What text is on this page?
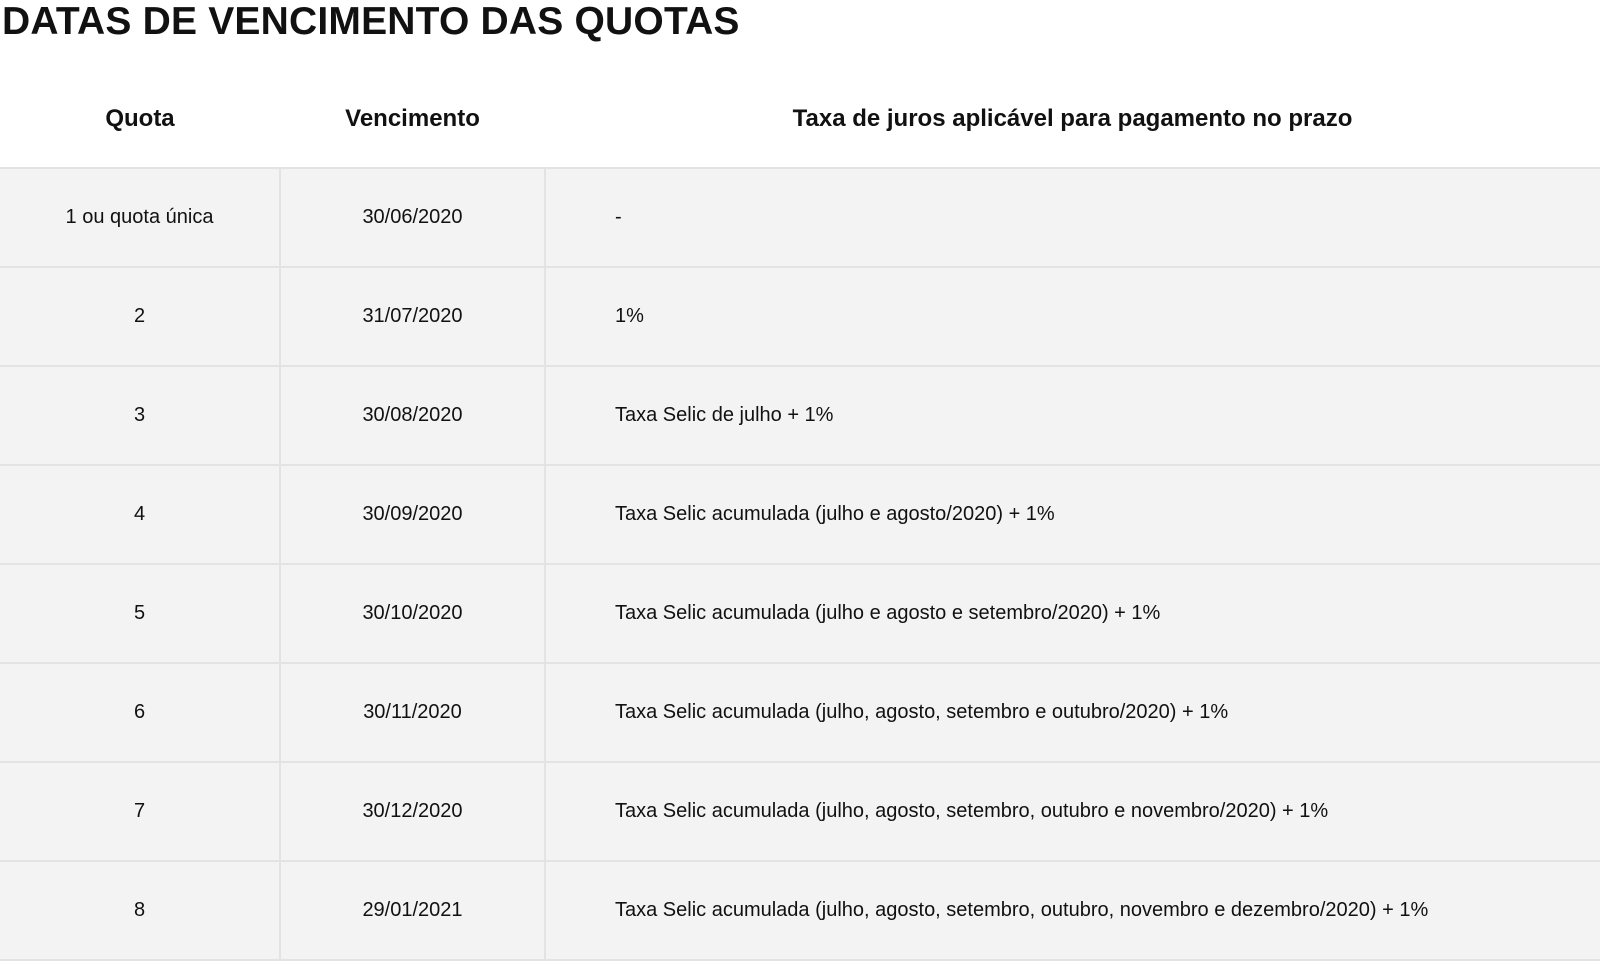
DATAS DE VENCIMENTO DAS QUOTAS
Quota	Vencimento	Taxa de juros aplicável para pagamento no prazo
1 ou quota única	30/06/2020	-
2	31/07/2020	1%
3	30/08/2020	Taxa Selic de julho + 1%
4	30/09/2020	Taxa Selic acumulada (julho e agosto/2020) + 1%
5	30/10/2020	Taxa Selic acumulada (julho e agosto e setembro/2020) + 1%
6	30/11/2020	Taxa Selic acumulada (julho, agosto, setembro e outubro/2020) + 1%
7	30/12/2020	Taxa Selic acumulada (julho, agosto, setembro, outubro e novembro/2020) + 1%
8	29/01/2021	Taxa Selic acumulada (julho, agosto, setembro, outubro, novembro e dezembro/2020) + 1%
